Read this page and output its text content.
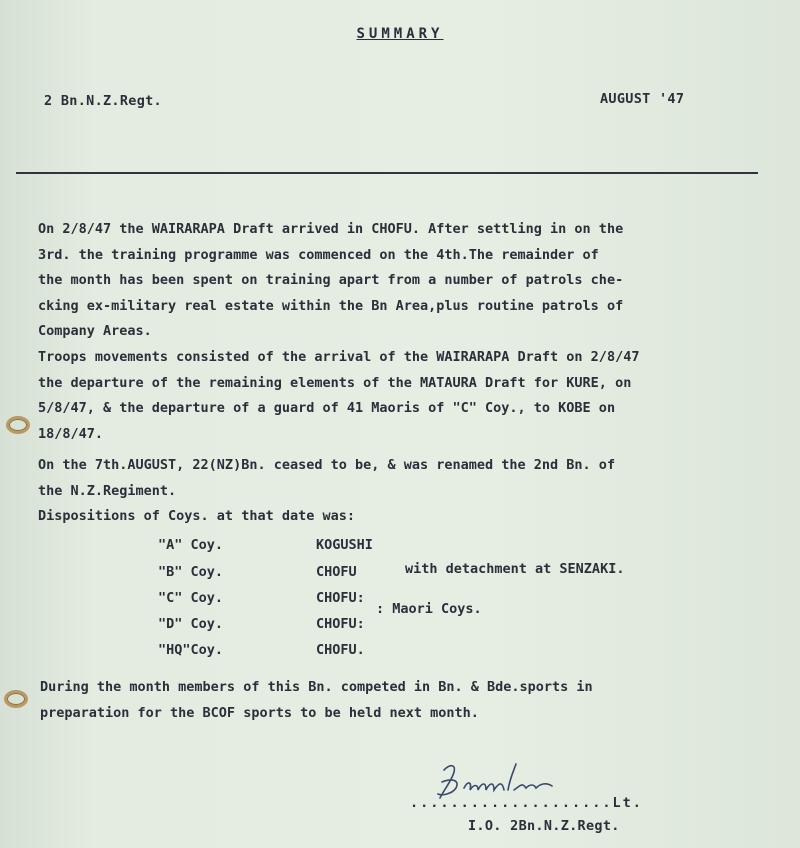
SUMMARY
2 Bn.N.Z.Regt.	AUGUST '47
On 2/8/47 the WAIRARAPA Draft arrived in CHOFU. After settling in on the
3rd. the training programme was commenced on the 4th.The remainder of
the month has been spent on training apart from a number of patrols che-
cking ex-military real estate within the Bn Area,plus routine patrols of
Company Areas.
Troops movements consisted of the arrival of the WAIRARAPA Draft on 2/8/47
the departure of the remaining elements of the MATAURA Draft for KURE, on
5/8/47, & the departure of a guard of 41 Maoris of "C" Coy., to KOBE on
18/8/47.
On the 7th.AUGUST, 22(NZ)Bn. ceased to be, & was renamed the 2nd Bn. of
the N.Z.Regiment.
Dispositions of Coys. at that date was:
"A" Coy.	KOGUSHI
"B" Coy.	CHOFU	with detachment at SENZAKI.
"C" Coy.	CHOFU:
"D" Coy.	CHOFU:
: Maori Coys.
"HQ"Coy.	CHOFU.
During the month members of this Bn. competed in Bn. & Bde.sports in
preparation for the BCOF sports to be held next month.
....................Lt.
I.O. 2Bn.N.Z.Regt.
